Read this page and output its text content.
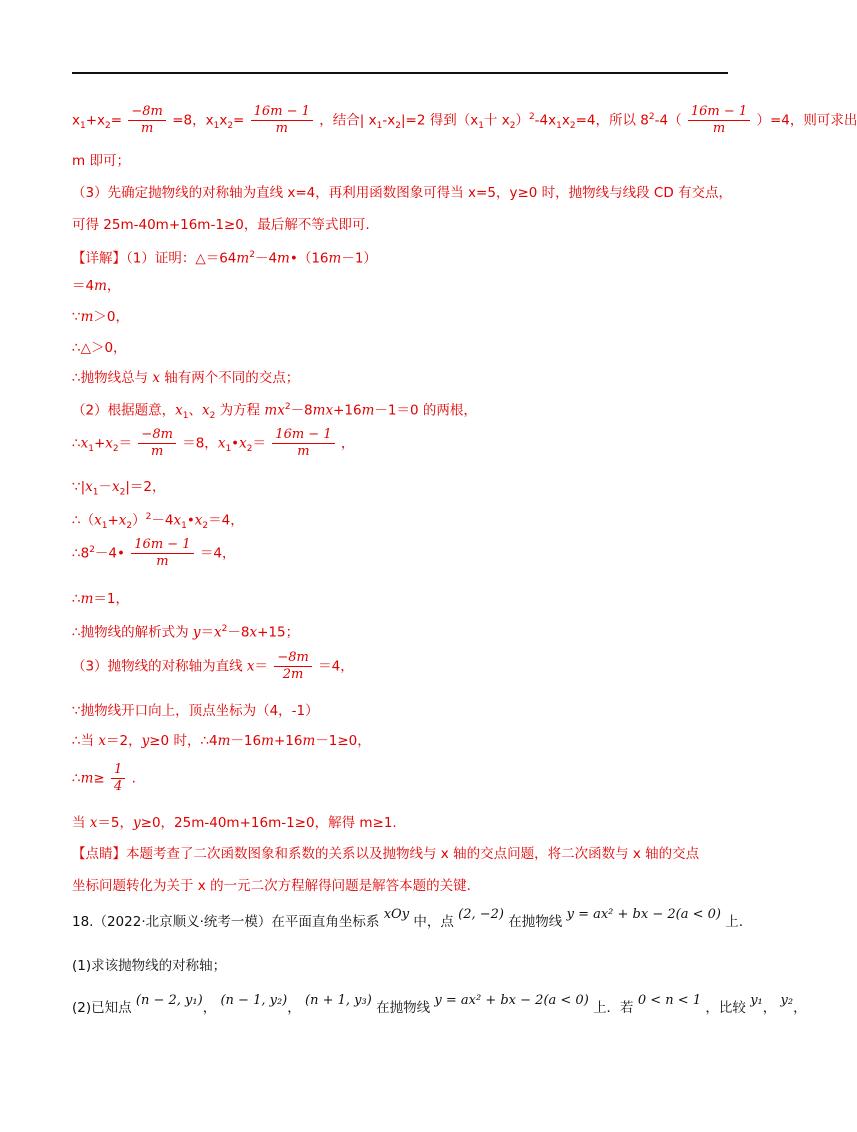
$x_1+x_2= \frac{-8m}{m} =8$，$x_1x_2= \frac{16m - 1}{m}$ ，结合| $x_1-x_2|=2$ 得到（$x_1$十 $x_2)^2-4x_1x_2=4$，所以 $8^2-4( \frac{16m - 1}{m} )=4$，则可求出
m 即可；
（3）先确定抛物线的对称轴为直线 x=4，再利用函数图象可得当 x=5，y≥0 时，抛物线与线段 CD 有交点，
可得 25m-40m+16m-1≥0，最后解不等式即可.
【详解】（1）证明：$\triangle=64m^2-4m•(16m-1)$
＝4m，
∵m＞0，
∴△＞0，
∴抛物线总与 x 轴有两个不同的交点；
（2）根据题意，$x_1$、$x_2$ 为方程 $mx^2-8mx+16m-1=0$ 的两根，
$\therefore x_1+x_2= \frac{-8m}{m} =8$，$x_1•x_2= \frac{16m - 1}{m}$ ，
$\because|x_1-x_2|=2$，
$\therefore(x_1+x_2)^2-4x_1•x_2=4$，
$\therefore 8^2-4• \frac{16m - 1}{m} =4$，
∴m＝1，
∴抛物线的解析式为 $y=x^2-8x+15$；
（3）抛物线的对称轴为直线 $x= \frac{-8m}{2m} =4$，
∵抛物线开口向上，顶点坐标为（4，-1）
∴当 x＝2，y≥0 时，∴4m－16m+16m－1≥0，
∴m≥ $\frac{1}{4}$ .
当 x＝5，y≥0，25m-40m+16m-1≥0，解得 m≥1.
【点睛】本题考查了二次函数图象和系数的关系以及抛物线与 x 轴的交点问题，将二次函数与 x 轴的交点
坐标问题转化为关于 x 的一元二次方程解得问题是解答本题的关键.
18.（2022·北京顺义·统考一模）在平面直角坐标系 xOy 中，点 (2, −2) 在抛物线 y = ax² + bx − 2(a < 0) 上.
(1)求该抛物线的对称轴；
(2)已知点 (n − 2, y₁)， (n − 1, y₂)， (n + 1, y₃) 在抛物线 y = ax² + bx − 2(a < 0) 上．若 0 < n < 1 ，比较 y₁， y₂，
